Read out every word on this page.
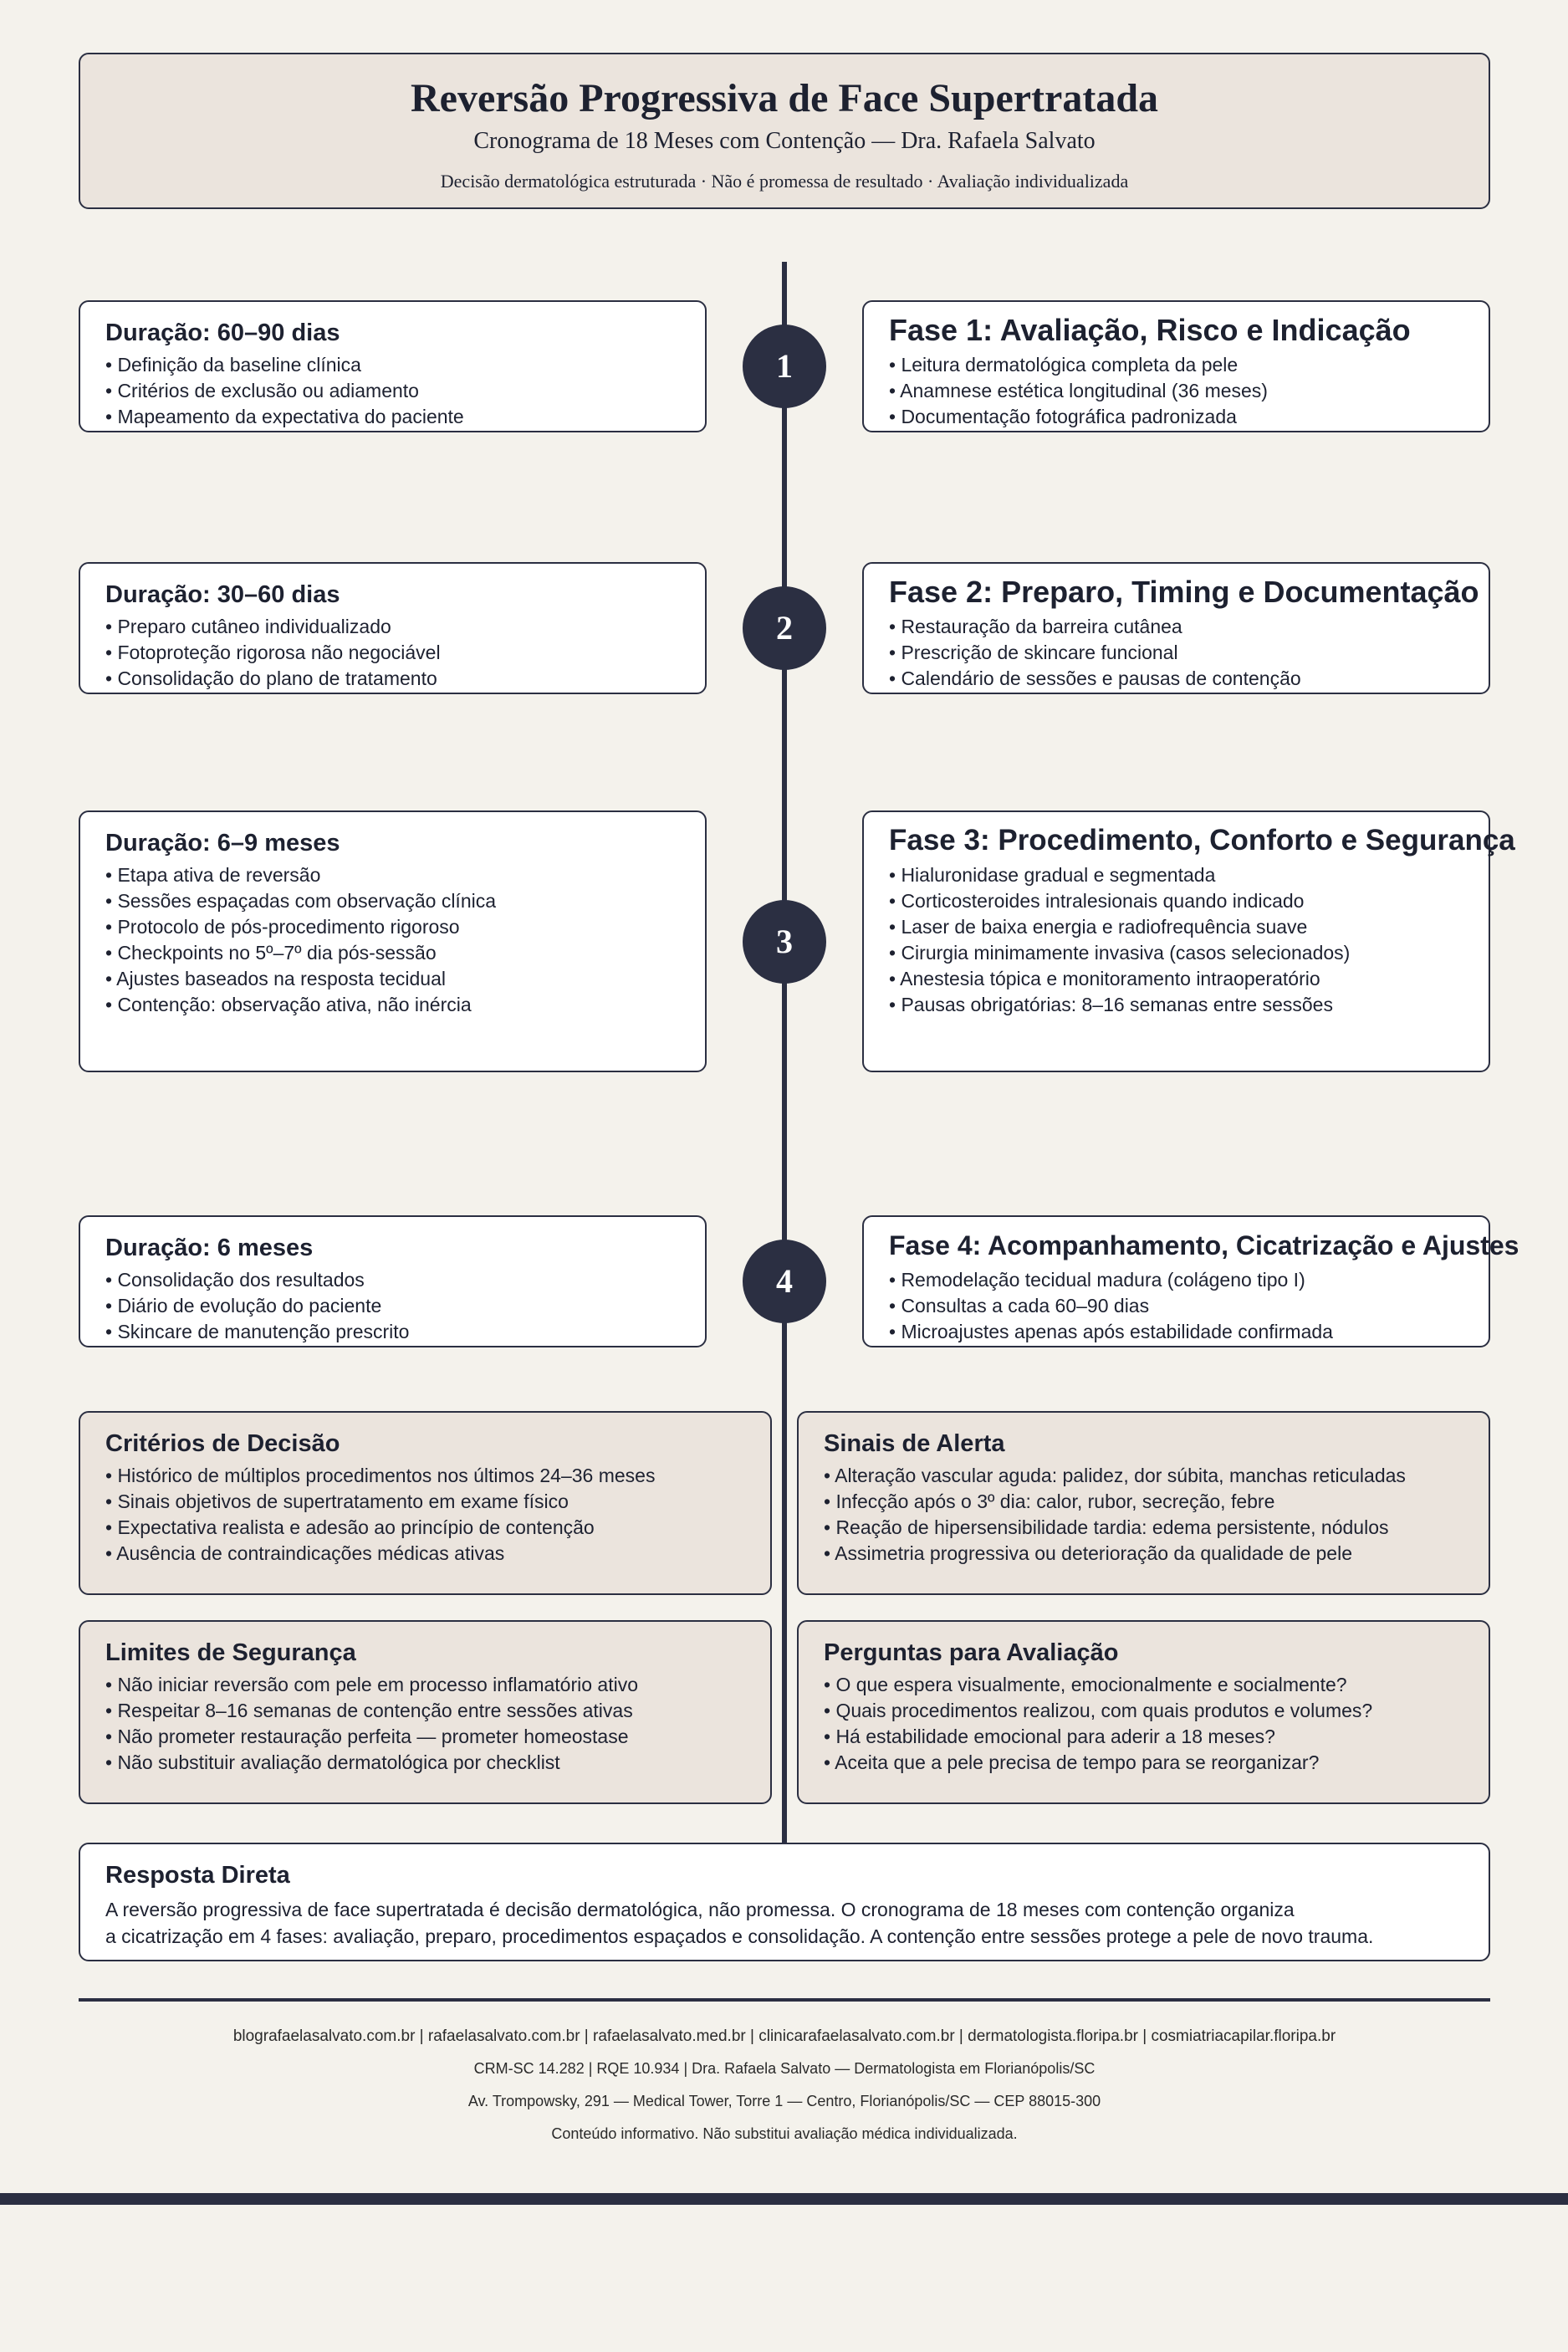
Reversão Progressiva de Face Supertratada
Cronograma de 18 Meses com Contenção — Dra. Rafaela Salvato
Decisão dermatológica estruturada · Não é promessa de resultado · Avaliação individualizada
Duração: 60–90 dias
• Definição da baseline clínica
• Critérios de exclusão ou adiamento
• Mapeamento da expectativa do paciente
1
Fase 1: Avaliação, Risco e Indicação
• Leitura dermatológica completa da pele
• Anamnese estética longitudinal (36 meses)
• Documentação fotográfica padronizada
Duração: 30–60 dias
• Preparo cutâneo individualizado
• Fotoproteção rigorosa não negociável
• Consolidação do plano de tratamento
2
Fase 2: Preparo, Timing e Documentação
• Restauração da barreira cutânea
• Prescrição de skincare funcional
• Calendário de sessões e pausas de contenção
Duração: 6–9 meses
• Etapa ativa de reversão
• Sessões espaçadas com observação clínica
• Protocolo de pós-procedimento rigoroso
• Checkpoints no 5º–7º dia pós-sessão
• Ajustes baseados na resposta tecidual
• Contenção: observação ativa, não inércia
3
Fase 3: Procedimento, Conforto e Segurança
• Hialuronidase gradual e segmentada
• Corticosteroides intralesionais quando indicado
• Laser de baixa energia e radiofrequência suave
• Cirurgia minimamente invasiva (casos selecionados)
• Anestesia tópica e monitoramento intraoperatório
• Pausas obrigatórias: 8–16 semanas entre sessões
Duração: 6 meses
• Consolidação dos resultados
• Diário de evolução do paciente
• Skincare de manutenção prescrito
4
Fase 4: Acompanhamento, Cicatrização e Ajustes
• Remodelação tecidual madura (colágeno tipo I)
• Consultas a cada 60–90 dias
• Microajustes apenas após estabilidade confirmada
Critérios de Decisão
• Histórico de múltiplos procedimentos nos últimos 24–36 meses
• Sinais objetivos de supertratamento em exame físico
• Expectativa realista e adesão ao princípio de contenção
• Ausência de contraindicações médicas ativas
Sinais de Alerta
• Alteração vascular aguda: palidez, dor súbita, manchas reticuladas
• Infecção após o 3º dia: calor, rubor, secreção, febre
• Reação de hipersensibilidade tardia: edema persistente, nódulos
• Assimetria progressiva ou deterioração da qualidade de pele
Limites de Segurança
• Não iniciar reversão com pele em processo inflamatório ativo
• Respeitar 8–16 semanas de contenção entre sessões ativas
• Não prometer restauração perfeita — prometer homeostase
• Não substituir avaliação dermatológica por checklist
Perguntas para Avaliação
• O que espera visualmente, emocionalmente e socialmente?
• Quais procedimentos realizou, com quais produtos e volumes?
• Há estabilidade emocional para aderir a 18 meses?
• Aceita que a pele precisa de tempo para se reorganizar?
Resposta Direta

A reversão progressiva de face supertratada é decisão dermatológica, não promessa. O cronograma de 18 meses com contenção organiza

a cicatrização em 4 fases: avaliação, preparo, procedimentos espaçados e consolidação. A contenção entre sessões protege a pele de novo trauma.

blografaelasalvato.com.br | rafaelasalvato.com.br | rafaelasalvato.med.br | clinicarafaelasalvato.com.br | dermatologista.floripa.br | cosmiatriacapilar.floripa.br

CRM-SC 14.282 | RQE 10.934 | Dra. Rafaela Salvato — Dermatologista em Florianópolis/SC

Av. Trompowsky, 291 — Medical Tower, Torre 1 — Centro, Florianópolis/SC — CEP 88015-300

Conteúdo informativo. Não substitui avaliação médica individualizada.
